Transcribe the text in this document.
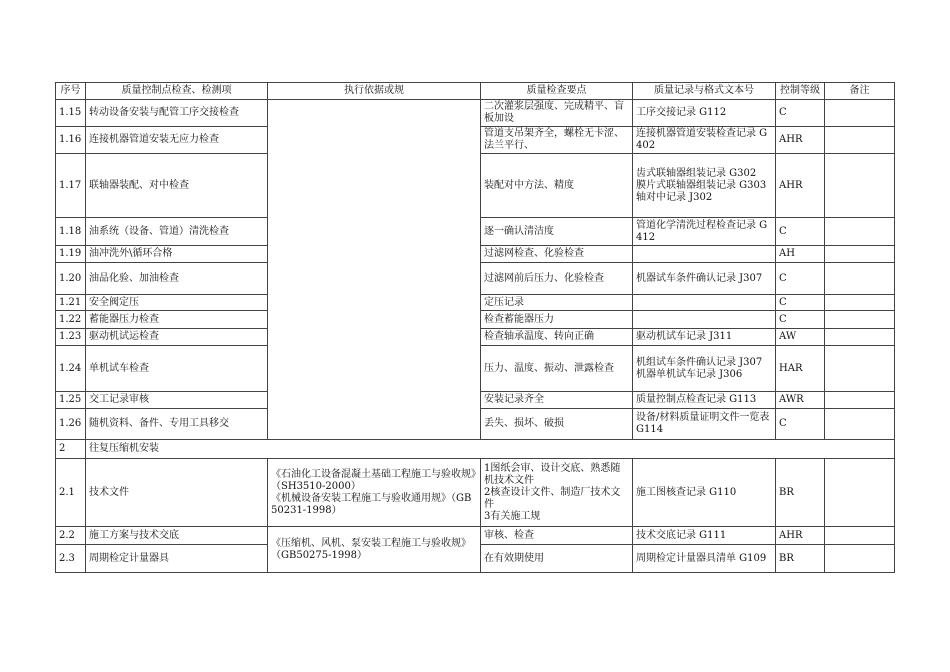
序号	质量控制点检查、检测项	执行依据或规	质量检查要点	质量记录与格式文本号	控制等级	备注
1.15	转动设备安装与配管工序交接检查		二次灌浆层强度、完成精平、盲板加设	工序交接记录 G112	C	
1.16	连接机器管道安装无应力检查		管道支吊架齐全，螺栓无卡涩、法兰平行、	连接机器管道安装检查记录 G402	AHR	
1.17	联轴器装配、对中检查		装配对中方法、精度	齿式联轴器组装记录 G302
膜片式联轴器组装记录 G303
轴对中记录 J302	AHR	
1.18	油系统（设备、管道）清洗检查		逐一确认清洁度	管道化学清洗过程检查记录 G412	C	
1.19	油冲洗外\循环合格		过滤网检查、化验检查		AH	
1.20	油品化验、加油检查		过滤网前后压力、化验检查	机器试车条件确认记录 J307	C	
1.21	安全阀定压		定压记录		C	
1.22	蓄能器压力检查		检查蓄能器压力		C	
1.23	驱动机试运检查		检查轴承温度、转向正确	驱动机试车记录 J311	AW	
1.24	单机试车检查		压力、温度、振动、泄露检查	机组试车条件确认记录 J307
机器单机试车记录 J306	HAR	
1.25	交工记录审核		安装记录齐全	质量控制点检查记录 G113	AWR	
1.26	随机资料、备件、专用工具移交		丢失、损坏、破损	设备/材料质量证明文件一览表 G114	C	
2	往复压缩机安装					
2.1	技术文件	《石油化工设备混凝土基础工程施工与验收规》（SH3510-2000）
《机械设备安装工程施工与验收通用规》（GB50231-1998）	1图纸会审、设计交底、熟悉随机技术文件
2核查设计文件、制造厂技术文件
3有关施工规	施工图核查记录 G110	BR	
2.2	施工方案与技术交底	《压缩机、风机、泵安装工程施工与验收规》（GB50275-1998）	审核、检查	技术交底记录 G111	AHR	
2.3	周期检定计量器具		在有效期使用	周期检定计量器具清单 G109	BR	
